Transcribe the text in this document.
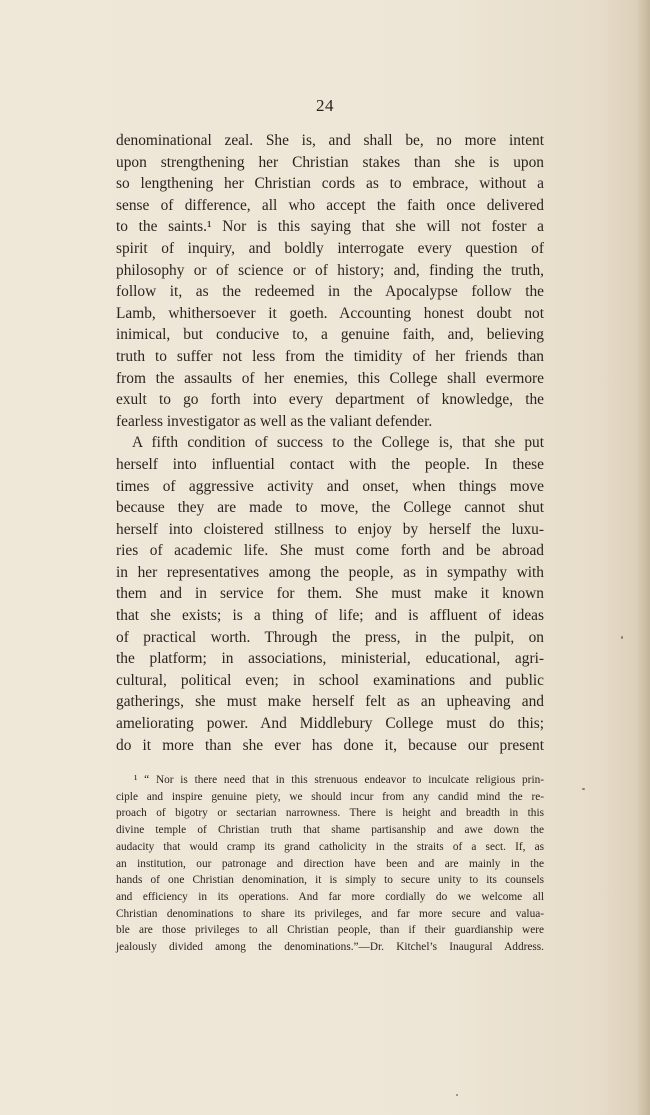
24
denominational zeal. She is, and shall be, no more intent
upon strengthening her Christian stakes than she is upon
so lengthening her Christian cords as to embrace, without a
sense of difference, all who accept the faith once delivered
to the saints.¹ Nor is this saying that she will not foster a
spirit of inquiry, and boldly interrogate every question of
philosophy or of science or of history; and, finding the truth,
follow it, as the redeemed in the Apocalypse follow the
Lamb, whithersoever it goeth. Accounting honest doubt not
inimical, but conducive to, a genuine faith, and, believing
truth to suffer not less from the timidity of her friends than
from the assaults of her enemies, this College shall evermore
exult to go forth into every department of knowledge, the
fearless investigator as well as the valiant defender.
A fifth condition of success to the College is, that she put
herself into influential contact with the people. In these
times of aggressive activity and onset, when things move
because they are made to move, the College cannot shut
herself into cloistered stillness to enjoy by herself the luxu-
ries of academic life. She must come forth and be abroad
in her representatives among the people, as in sympathy with
them and in service for them. She must make it known
that she exists; is a thing of life; and is affluent of ideas
of practical worth. Through the press, in the pulpit, on
the platform; in associations, ministerial, educational, agri-
cultural, political even; in school examinations and public
gatherings, she must make herself felt as an upheaving and
ameliorating power. And Middlebury College must do this;
do it more than she ever has done it, because our present
¹ “ Nor is there need that in this strenuous endeavor to inculcate religious prin-
ciple and inspire genuine piety, we should incur from any candid mind the re-
proach of bigotry or sectarian narrowness. There is height and breadth in this
divine temple of Christian truth that shame partisanship and awe down the
audacity that would cramp its grand catholicity in the straits of a sect. If, as
an institution, our patronage and direction have been and are mainly in the
hands of one Christian denomination, it is simply to secure unity to its counsels
and efficiency in its operations. And far more cordially do we welcome all
Christian denominations to share its privileges, and far more secure and valua-
ble are those privileges to all Christian people, than if their guardianship were
jealously divided among the denominations.”—Dr. Kitchel’s Inaugural Address.
